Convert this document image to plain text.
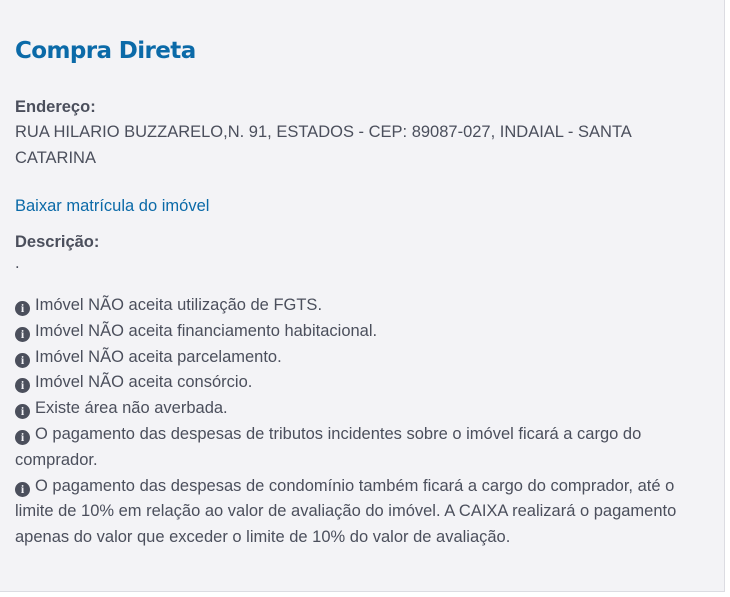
Compra Direta
Endereço:
RUA HILARIO BUZZARELO,N. 91, ESTADOS - CEP: 89087-027, INDAIAL - SANTA CATARINA
Baixar matrícula do imóvel
Descrição:
.
i Imóvel NÃO aceita utilização de FGTS.
i Imóvel NÃO aceita financiamento habitacional.
i Imóvel NÃO aceita parcelamento.
i Imóvel NÃO aceita consórcio.
i Existe área não averbada.
i O pagamento das despesas de tributos incidentes sobre o imóvel ficará a cargo do comprador.
i O pagamento das despesas de condomínio também ficará a cargo do comprador, até o limite de 10% em relação ao valor de avaliação do imóvel. A CAIXA realizará o pagamento apenas do valor que exceder o limite de 10% do valor de avaliação.
